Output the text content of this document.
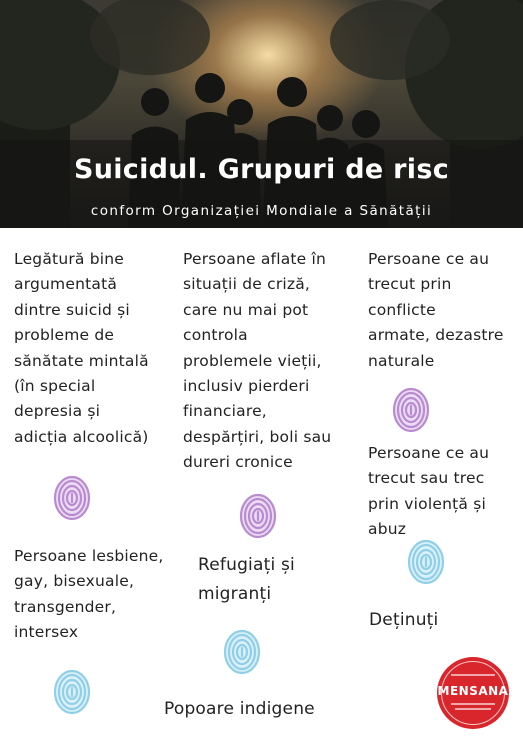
Suicidul. Grupuri de risc
conform Organizației Mondiale a Sănătății
Legătură bine
argumentată
dintre suicid și
probleme de
sănătate mintală
(în special
depresia și
adicția alcoolică)
Persoane aflate în
situații de criză,
care nu mai pot
controla
problemele vieții,
inclusiv pierderi
financiare,
despărțiri, boli sau
dureri cronice
Persoane ce au
trecut prin
conflicte
armate, dezastre
naturale
Persoane ce au
trecut sau trec
prin violență și
abuz
Persoane lesbiene,
gay, bisexuale,
transgender,
intersex
Refugiați și
migranți
Deținuți
Popoare indigene
MENSANA
